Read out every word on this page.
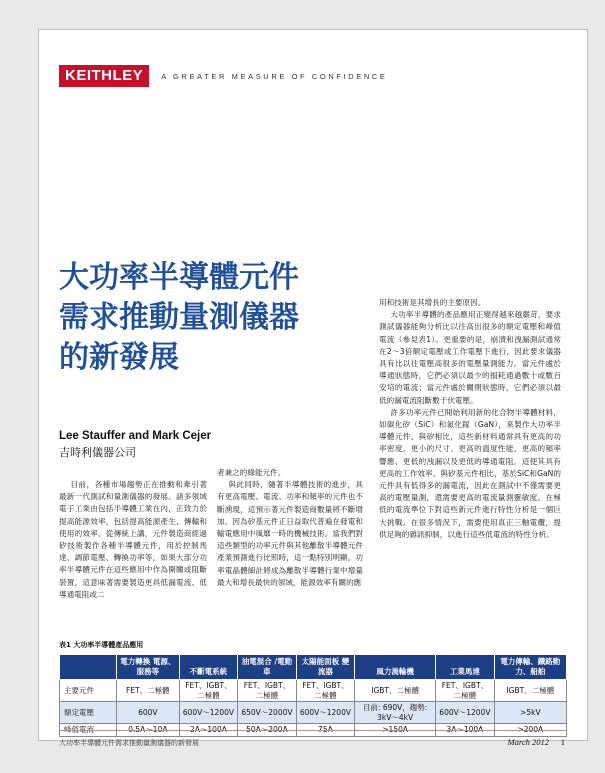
KEITHLEY	A GREATER MEASURE OF CONFIDENCE
大功率半導體元件
需求推動量測儀器
的新發展
Lee Stauffer and Mark Cejer
吉時利儀器公司

目前，各種市場趨勢正在推動和牽引著最新一代測試和量測儀器的發展。諸多領域電子工業由包括半導體工業在內，正致力於提高能源效率，包括提高能源產生、傳輸和使用的效率。從傳統上講，元件製造商經過矽技術製作各種半導體元件，用於控制馬達、調節電壓、轉換功率等，如果大部分功率半導體元件在這些應用中作為開關或阻斷裝置，這意味著需要製造更具低漏電流、低導通電阻或二

者兼之的綠能元件。

與此同時，隨著半導體技術的進步，具有更高電壓、電流、功率和頻率的元件也不斷湧現，這預示著元件製造商數量將不斷增加。因為矽基元件正日益取代普遍在發電和輸電應用中風靡一時的機械技術。當我們對這些類型的功率元件與其他離散半導體元件產業預測進行比照時，這一點特別明顯。功率電晶體細計將成為離散半導體行業中增量最大和增長最快的領域，能源效率有關的應

用和技術是其增長的主要原因。

大功率半導體的產品應用正變得越來越嚴苛，要求測試儀器能夠分析比以往高出很多的額定電壓和峰值電流（參見表1）。更重要的是，崩潰和洩漏測試通常在2～3倍額定電壓或工作電壓下進行，因此要求儀器具有比以往電壓高很多的電壓量測能力。當元件處於導通狀態時，它們必須以最少的損耗通過數十或數百安培的電流；當元件處於關閉狀態時，它們必須以最低的漏電流阻斷數千伏電壓。

許多功率元件已開始利用新的化合物半導體材料，如碳化矽（SiC）和氮化鎵（GaN），來製作大功率半導體元件。與矽相比，這些新材料通常具有更高的功率密度、更小的尺寸、更高的溫度性能、更高的頻率響應、更低的洩漏以及更低的導通電阻。這使其具有更高的工作效率。與矽基元件相比，基於SiC和GaN的元件具有低得多的漏電流，因此在測試中不僅需要更高的電壓量測，還需要更高的電流量測靈敏度。在極低的電流準位下對這些新元件進行特性分析是一個巨大挑戰。在很多情況下，需要使用真正三軸電纜，提供足夠的雜訊抑制，以進行這些低電流的特性分析。

表1 大功率半導體產品應用
	電力轉換 電源、服務等	不斷電系統	油電混合 /電動車	太陽能面板 變流器	風力渦輪機	工業馬達	電力傳輸、鐵路動力、船舶
主要元件	FET、二極體	FET、IGBT、二極體	FET、IGBT、二極體	FET、IGBT、二極體	IGBT、二極體	FET、IGBT、二極體	IGBT、二極體
額定電壓	600V	600V～1200V	650V～2000V	600V～1200V	目前: 690V，趨勢: 3kV～4kV	600V～1200V	>5kV
峰值電流	0.5A～10A	2A～100A	50A～200A	75A	>150A	3A～100A	>200A
大功率半導體元件需求推動量測儀器的新發展	March 2012 1
